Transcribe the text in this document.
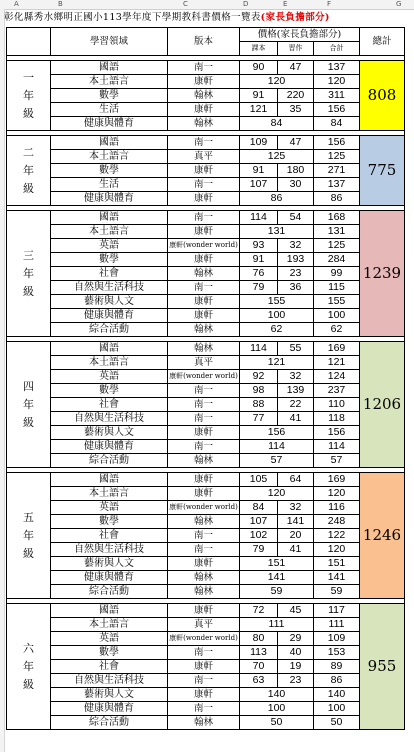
A	B	C	D	E	F	G
彰化縣秀水鄉明正國小113學年度下學期教科書價格一覽表(家長負擔部分)
	學習領域	版本	價格(家長負擔部分)			總計
			課本	習作	合計	

一年級	國語	南一	90	47	137	808
	本土語言	康軒	120		120	
	數學	翰林	91	220	311	
	生活	康軒	121	35	156	
	健康與體育	翰林	84		84	

二年級	國語	南一	109	47	156	775
	本土語言	真平	125		125	
	數學	康軒	91	180	271	
	生活	南一	107	30	137	
	健康與體育	康軒	86		86	

三年級	國語	南一	114	54	168	1239
	本土語言	康軒	131		131	
	英語	康軒(wonder world)	93	32	125	
	數學	康軒	91	193	284	
	社會	翰林	76	23	99	
	自然與生活科技	南一	79	36	115	
	藝術與人文	康軒	155		155	
	健康與體育	康軒	100		100	
	綜合活動	翰林	62		62	

四年級	國語	翰林	114	55	169	1206
	本土語言	真平	121		121	
	英語	康軒(wonder world)	92	32	124	
	數學	南一	98	139	237	
	社會	南一	88	22	110	
	自然與生活科技	南一	77	41	118	
	藝術與人文	康軒	156		156	
	健康與體育	南一	114		114	
	綜合活動	翰林	57		57	

五年級	國語	康軒	105	64	169	1246
	本土語言	康軒	120		120	
	英語	康軒(wonder world)	84	32	116	
	數學	翰林	107	141	248	
	社會	南一	102	20	122	
	自然與生活科技	南一	79	41	120	
	藝術與人文	康軒	151		151	
	健康與體育	翰林	141		141	
	綜合活動	翰林	59		59	

六年級	國語	康軒	72	45	117	955
	本土語言	真平	111		111	
	英語	康軒(wonder world)	80	29	109	
	數學	南一	113	40	153	
	社會	康軒	70	19	89	
	自然與生活科技	南一	63	23	86	
	藝術與人文	康軒	140		140	
	健康與體育	南一	100		100	
	綜合活動	翰林	50		50	
